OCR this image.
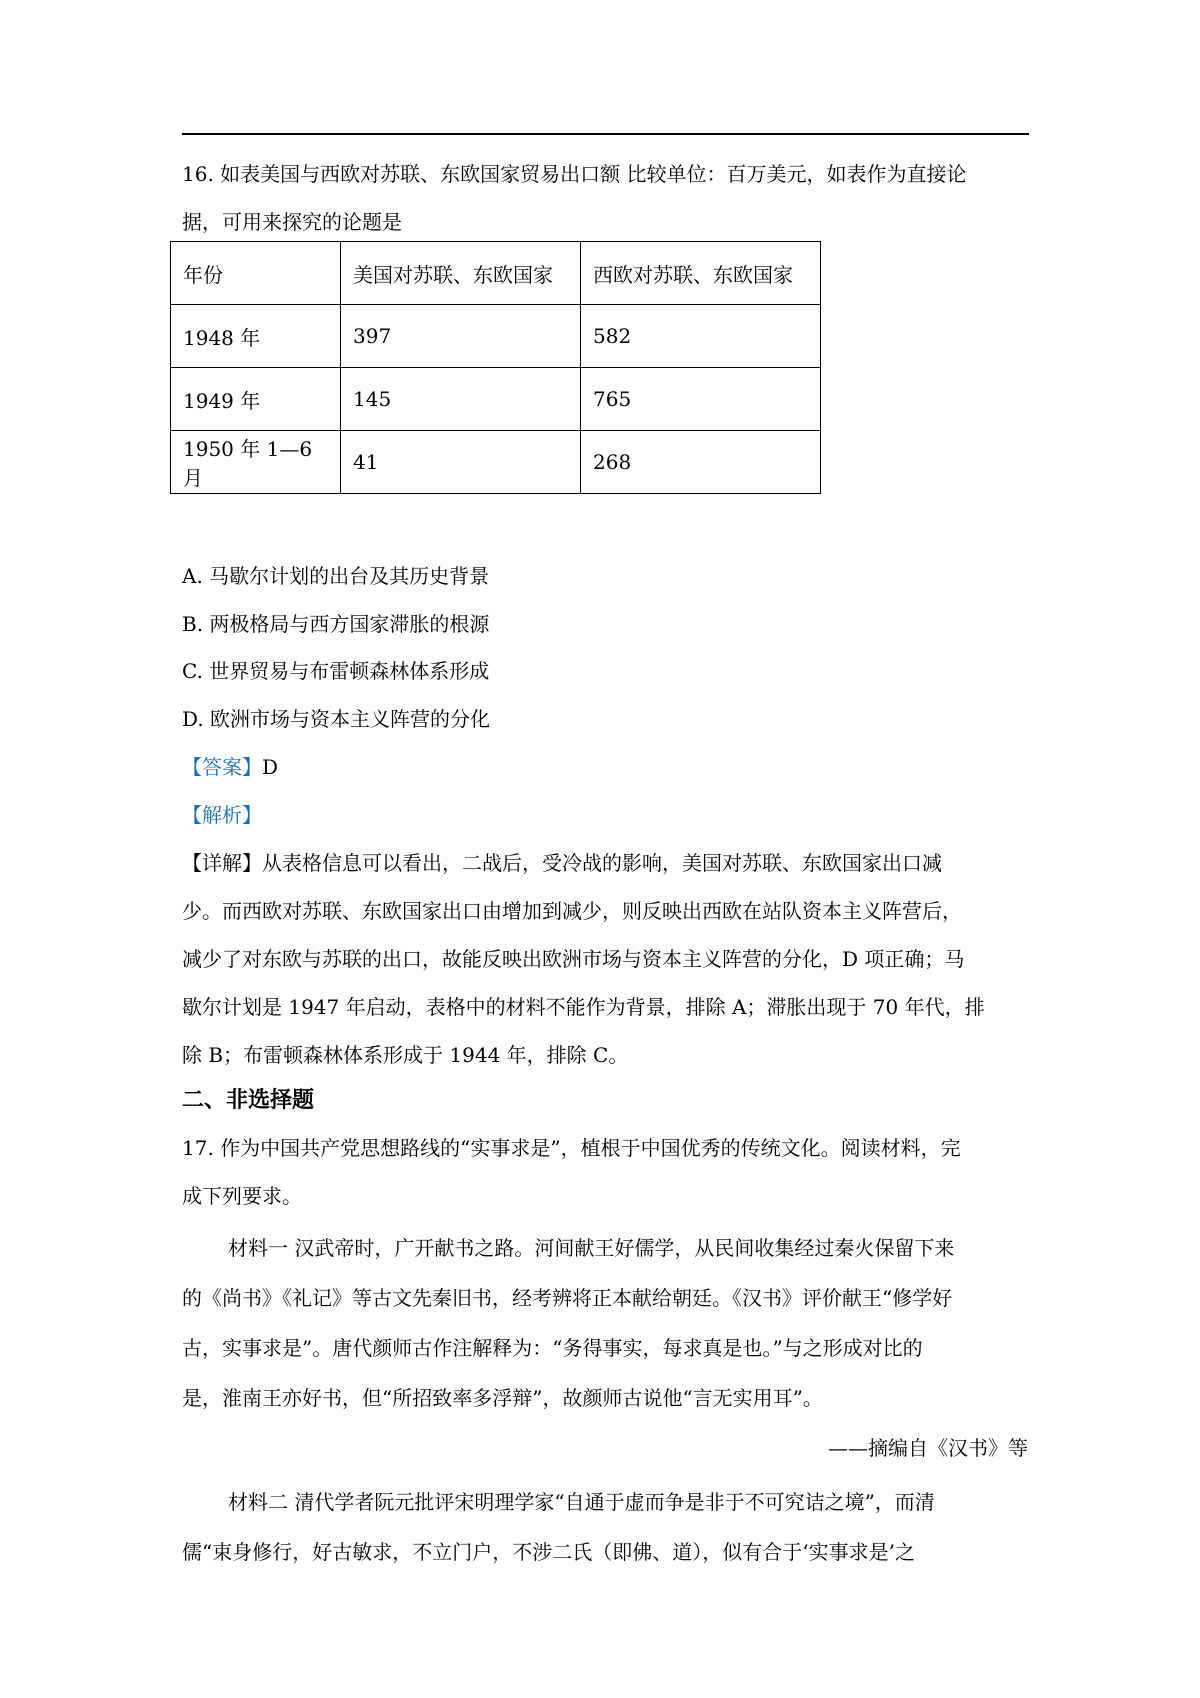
16. 如表美国与西欧对苏联、东欧国家贸易出口额 比较单位：百万美元，如表作为直接论
据，可用来探究的论题是
年份	美国对苏联、东欧国家	西欧对苏联、东欧国家
1948 年	397	582
1949 年	145	765
1950 年 1—6 月	41	268
A. 马歇尔计划的出台及其历史背景
B. 两极格局与西方国家滞胀的根源
C. 世界贸易与布雷顿森林体系形成
D. 欧洲市场与资本主义阵营的分化
【答案】D
【解析】
【详解】从表格信息可以看出，二战后，受冷战的影响，美国对苏联、东欧国家出口减
少。而西欧对苏联、东欧国家出口由增加到减少，则反映出西欧在站队资本主义阵营后，
减少了对东欧与苏联的出口，故能反映出欧洲市场与资本主义阵营的分化，D 项正确；马
歇尔计划是 1947 年启动，表格中的材料不能作为背景，排除 A；滞胀出现于 70 年代，排
除 B；布雷顿森林体系形成于 1944 年，排除 C。
二、非选择题
17. 作为中国共产党思想路线的“实事求是”，植根于中国优秀的传统文化。阅读材料，完
成下列要求。
材料一 汉武帝时，广开献书之路。河间献王好儒学，从民间收集经过秦火保留下来
的《尚书》《礼记》等古文先秦旧书，经考辨将正本献给朝廷。《汉书》评价献王“修学好
古，实事求是”。唐代颜师古作注解释为：“务得事实，每求真是也。”与之形成对比的
是，淮南王亦好书，但“所招致率多浮辩”，故颜师古说他“言无实用耳”。
——摘编自《汉书》等
材料二 清代学者阮元批评宋明理学家“自通于虚而争是非于不可究诘之境”，而清
儒“束身修行，好古敏求，不立门户，不涉二氏（即佛、道），似有合于‘实事求是’之
